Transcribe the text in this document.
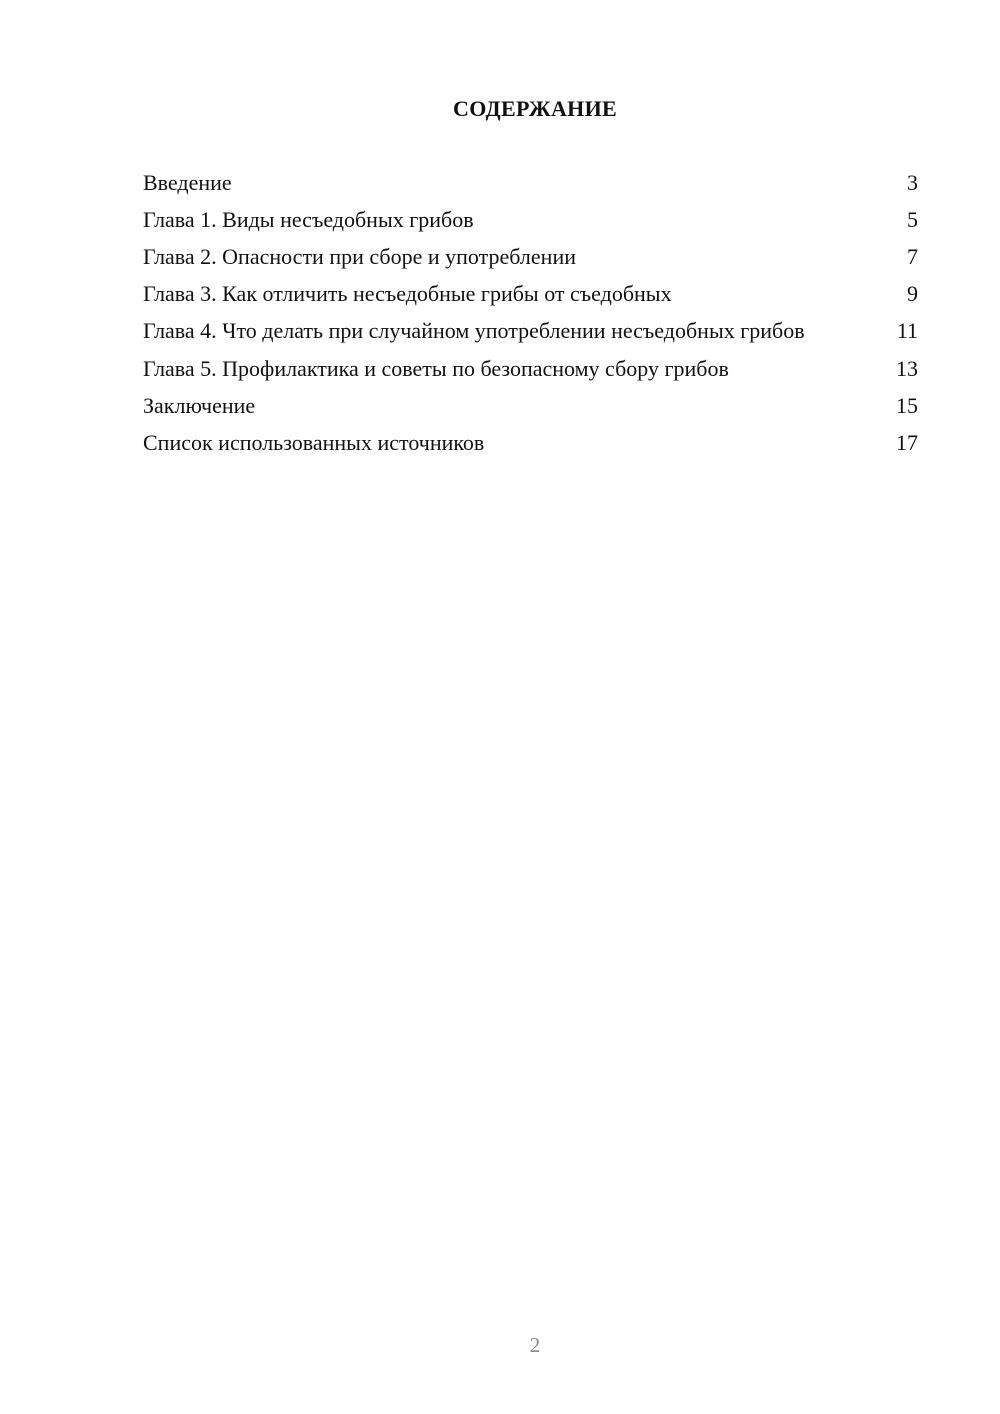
СОДЕРЖАНИЕ
Введение	3
Глава 1. Виды несъедобных грибов	5
Глава 2. Опасности при сборе и употреблении	7
Глава 3. Как отличить несъедобные грибы от съедобных	9
Глава 4. Что делать при случайном употреблении несъедобных грибов	11
Глава 5. Профилактика и советы по безопасному сбору грибов	13
Заключение	15
Список использованных источников	17
2
